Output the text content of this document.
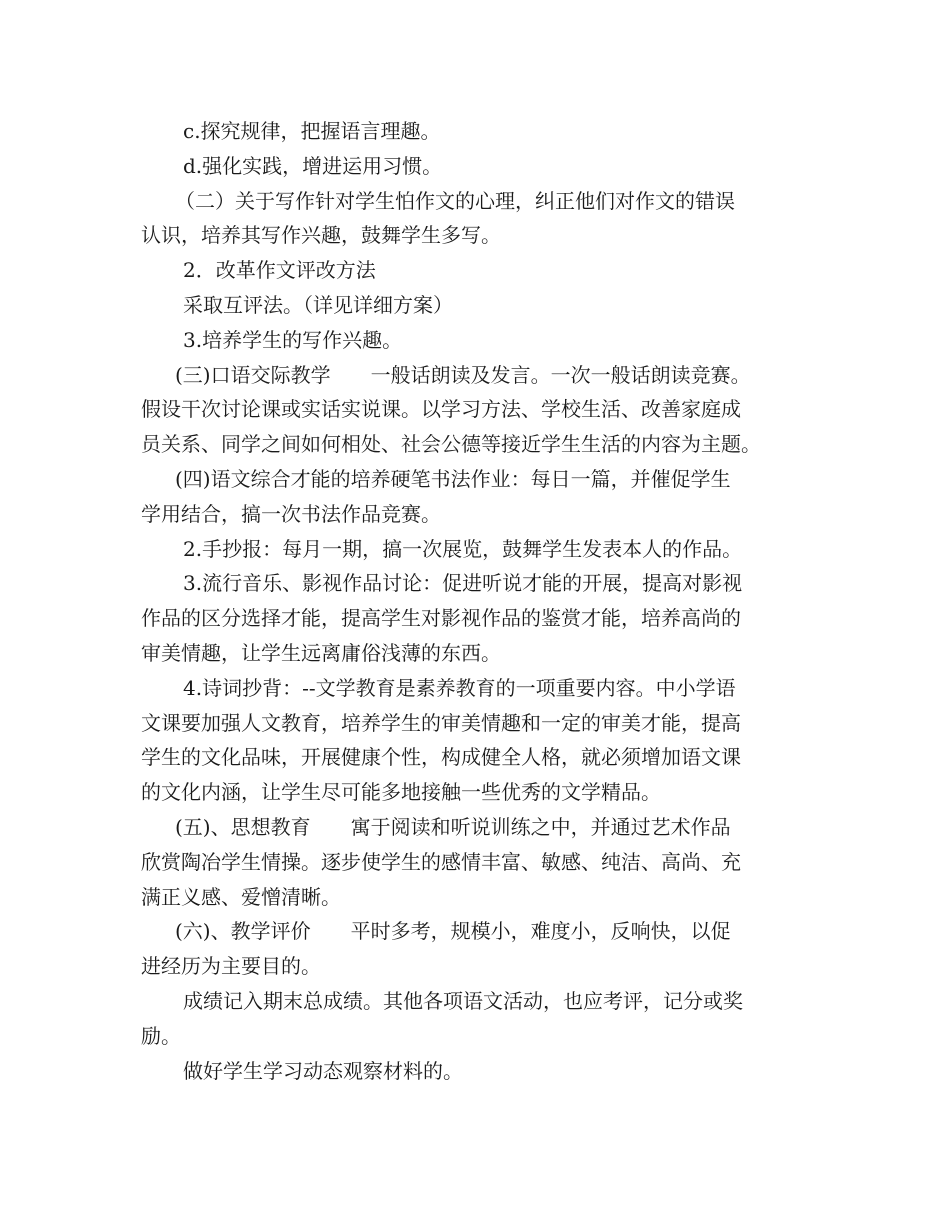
c.探究规律，把握语言理趣。
d.强化实践，增进运用习惯。
（二）关于写作针对学生怕作文的心理，纠正他们对作文的错误
认识，培养其写作兴趣，鼓舞学生多写。
2．改革作文评改方法
采取互评法。（详见详细方案）
3.培养学生的写作兴趣。
(三)口语交际教学　　一般话朗读及发言。一次一般话朗读竞赛。
假设干次讨论课或实话实说课。以学习方法、学校生活、改善家庭成
员关系、同学之间如何相处、社会公德等接近学生生活的内容为主题。
(四)语文综合才能的培养硬笔书法作业：每日一篇，并催促学生
学用结合，搞一次书法作品竞赛。
2.手抄报：每月一期，搞一次展览，鼓舞学生发表本人的作品。
3.流行音乐、影视作品讨论：促进听说才能的开展，提高对影视
作品的区分选择才能，提高学生对影视作品的鉴赏才能，培养高尚的
审美情趣，让学生远离庸俗浅薄的东西。
4.诗词抄背：--文学教育是素养教育的一项重要内容。中小学语
文课要加强人文教育，培养学生的审美情趣和一定的审美才能，提高
学生的文化品味，开展健康个性，构成健全人格，就必须增加语文课
的文化内涵，让学生尽可能多地接触一些优秀的文学精品。
(五)、思想教育　　寓于阅读和听说训练之中，并通过艺术作品
欣赏陶冶学生情操。逐步使学生的感情丰富、敏感、纯洁、高尚、充
满正义感、爱憎清晰。
(六)、教学评价　　平时多考，规模小，难度小，反响快，以促
进经历为主要目的。
成绩记入期末总成绩。其他各项语文活动，也应考评，记分或奖
励。
做好学生学习动态观察材料的。
